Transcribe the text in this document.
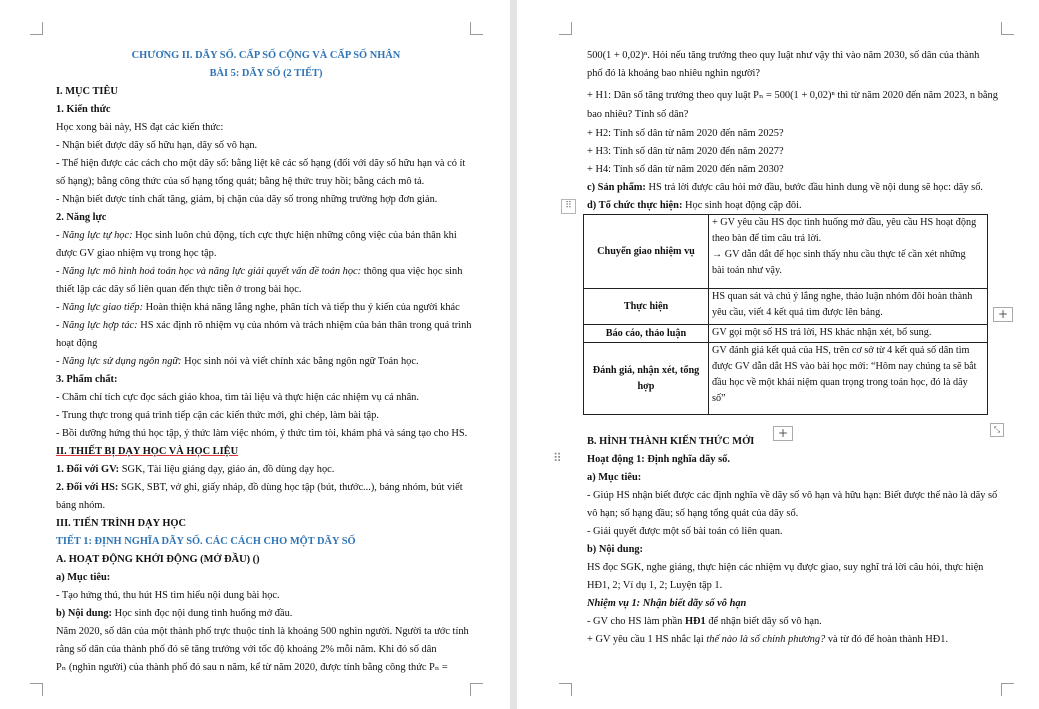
CHƯƠNG II. DÃY SỐ. CẤP SỐ CỘNG VÀ CẤP SỐ NHÂN
BÀI 5: DÃY SỐ (2 TIẾT)
I. MỤC TIÊU
1. Kiến thức
Học xong bài này, HS đạt các kiến thức:
- Nhận biết được dãy số hữu hạn, dãy số vô hạn.
- Thể hiện được các cách cho một dãy số: bằng liệt kê các số hạng (đối với dãy số hữu hạn và có ít
số hạng); bằng công thức của số hạng tổng quát; bằng hệ thức truy hồi; bằng cách mô tả.
- Nhận biết được tính chất tăng, giảm, bị chặn của dãy số trong những trường hợp đơn giản.
2. Năng lực
- Năng lực tự học: Học sinh luôn chủ động, tích cực thực hiện những công việc của bản thân khi
được GV giao nhiệm vụ trong học tập.
- Năng lực mô hình hoá toán học và năng lực giải quyết vấn đề toán học: thông qua việc học sinh
thiết lập các dãy số liên quan đến thực tiễn ở trong bài học.
- Năng lực giao tiếp: Hoàn thiện khả năng lắng nghe, phân tích và tiếp thu ý kiến của người khác
- Năng lực hợp tác: HS xác định rõ nhiệm vụ của nhóm và trách nhiệm của bản thân trong quá trình
hoạt động
- Năng lực sử dụng ngôn ngữ: Học sinh nói và viết chính xác bằng ngôn ngữ Toán học.
3. Phẩm chất:
- Chăm chỉ tích cực đọc sách giáo khoa, tìm tài liệu và thực hiện các nhiệm vụ cá nhân.
- Trung thực trong quá trình tiếp cận các kiến thức mới, ghi chép, làm bài tập.
- Bồi dưỡng hứng thú học tập, ý thức làm việc nhóm, ý thức tìm tòi, khám phá và sáng tạo cho HS.
II. THIẾT BỊ DẠY HỌC VÀ HỌC LIỆU
1. Đối với GV: SGK, Tài liệu giảng dạy, giáo án, đồ dùng dạy học.
2. Đối với HS: SGK, SBT, vở ghi, giấy nháp, đồ dùng học tập (bút, thước...), bảng nhóm, bút viết
bảng nhóm.
III. TIẾN TRÌNH DẠY HỌC
TIẾT 1: ĐỊNH NGHĨA DÃY SỐ. CÁC CÁCH CHO MỘT DÃY SỐ
A. HOẠT ĐỘNG KHỞI ĐỘNG (MỞ ĐẦU) ()
a) Mục tiêu:
- Tạo hứng thú, thu hút HS tìm hiểu nội dung bài học.
b) Nội dung: Học sinh đọc nội dung tình huống mở đầu.
Năm 2020, số dân của một thành phố trực thuộc tỉnh là khoảng 500 nghìn người. Người ta ước tính
rằng số dân của thành phố đó sẽ tăng trưởng với tốc độ khoảng 2% mỗi năm. Khi đó số dân
Pₙ (nghìn người) của thành phố đó sau n năm, kể từ năm 2020, được tính bằng công thức Pₙ =
500(1 + 0,02)ⁿ. Hỏi nếu tăng trưởng theo quy luật như vậy thì vào năm 2030, số dân của thành
phố đó là khoảng bao nhiêu nghìn người?
+ H1: Dân số tăng trưởng theo quy luật Pₙ = 500(1 + 0,02)ⁿ thì từ năm 2020 đến năm 2023, n bằng
bao nhiêu? Tính số dân?
+ H2: Tính số dân từ năm 2020 đến năm 2025?
+ H3: Tính số dân từ năm 2020 đến năm 2027?
+ H4: Tính số dân từ năm 2020 đến năm 2030?
c) Sản phẩm: HS trả lời được câu hỏi mở đầu, bước đầu hình dung về nội dung sẽ học: dãy số.
⠿	d) Tổ chức thực hiện: Học sinh hoạt động cặp đôi.
Chuyển giao nhiệm vụ	+ GV yêu cầu HS đọc tình huống mở đầu, yêu cầu HS hoạt động
theo bàn để tìm câu trả lời.
→ GV dẫn dắt để học sinh thấy nhu cầu thực tế cần xét những
bài toán như vậy.

Thực hiện	HS quan sát và chú ý lắng nghe, thảo luận nhóm đôi hoàn thành
yêu cầu, viết 4 kết quả tìm được lên bảng.

Báo cáo, thảo luận	GV gọi một số HS trả lời, HS khác nhận xét, bổ sung.

Đánh giá, nhận xét, tổng hợp	GV đánh giá kết quả của HS, trên cơ sở từ 4 kết quả số dân tìm
được GV dẫn dắt HS vào bài học mới: “Hôm nay chúng ta sẽ bắt
đầu học về một khái niệm quan trọng trong toán học, đó là dãy
số”
+
+	⤡
B. HÌNH THÀNH KIẾN THỨC MỚI
⠿ Hoạt động 1: Định nghĩa dãy số.
a) Mục tiêu:
- Giúp HS nhận biết được các định nghĩa về dãy số vô hạn và hữu hạn: Biết được thế nào là dãy số
vô hạn; số hạng đầu; số hạng tổng quát của dãy số.
- Giải quyết được một số bài toán có liên quan.
b) Nội dung:
HS đọc SGK, nghe giảng, thực hiện các nhiệm vụ được giao, suy nghĩ trả lời câu hỏi, thực hiện
HĐ1, 2; Ví dụ 1, 2; Luyện tập 1.
Nhiệm vụ 1: Nhận biết dãy số vô hạn
- GV cho HS làm phần HĐ1 để nhận biết dãy số vô hạn.
+ GV yêu cầu 1 HS nhắc lại thế nào là số chính phương? và từ đó để hoàn thành HĐ1.
